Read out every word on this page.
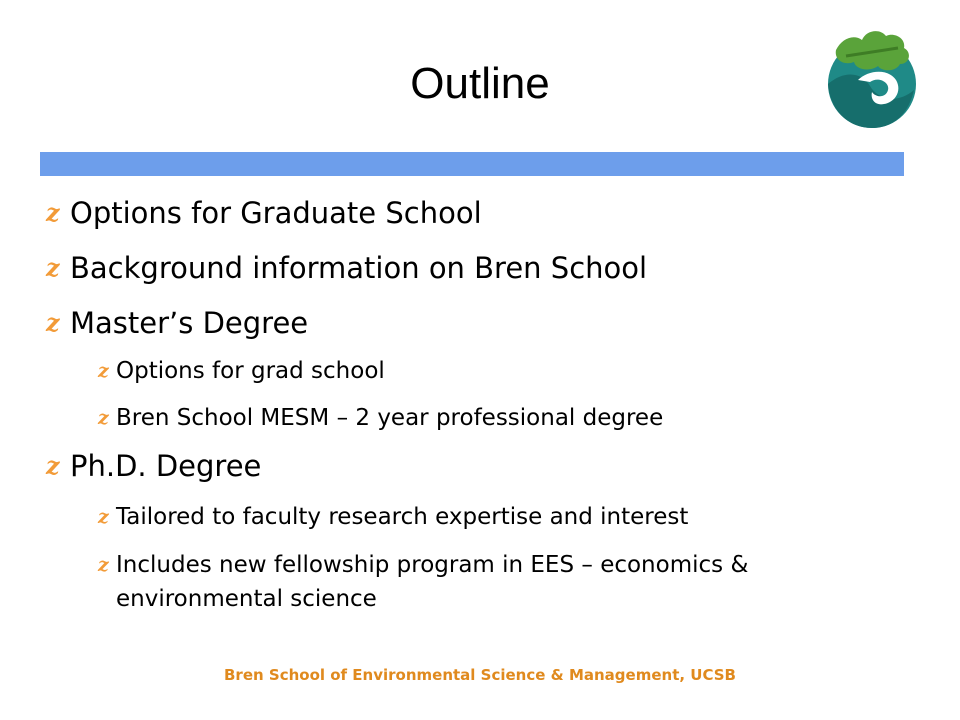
Outline
z Options for Graduate School
z Background information on Bren School
z Master’s Degree
z Options for grad school
z Bren School MESM – 2 year professional degree
z Ph.D. Degree
z Tailored to faculty research expertise and interest
z Includes new fellowship program in EES – economics & environmental science
Bren School of Environmental Science & Management, UCSB
